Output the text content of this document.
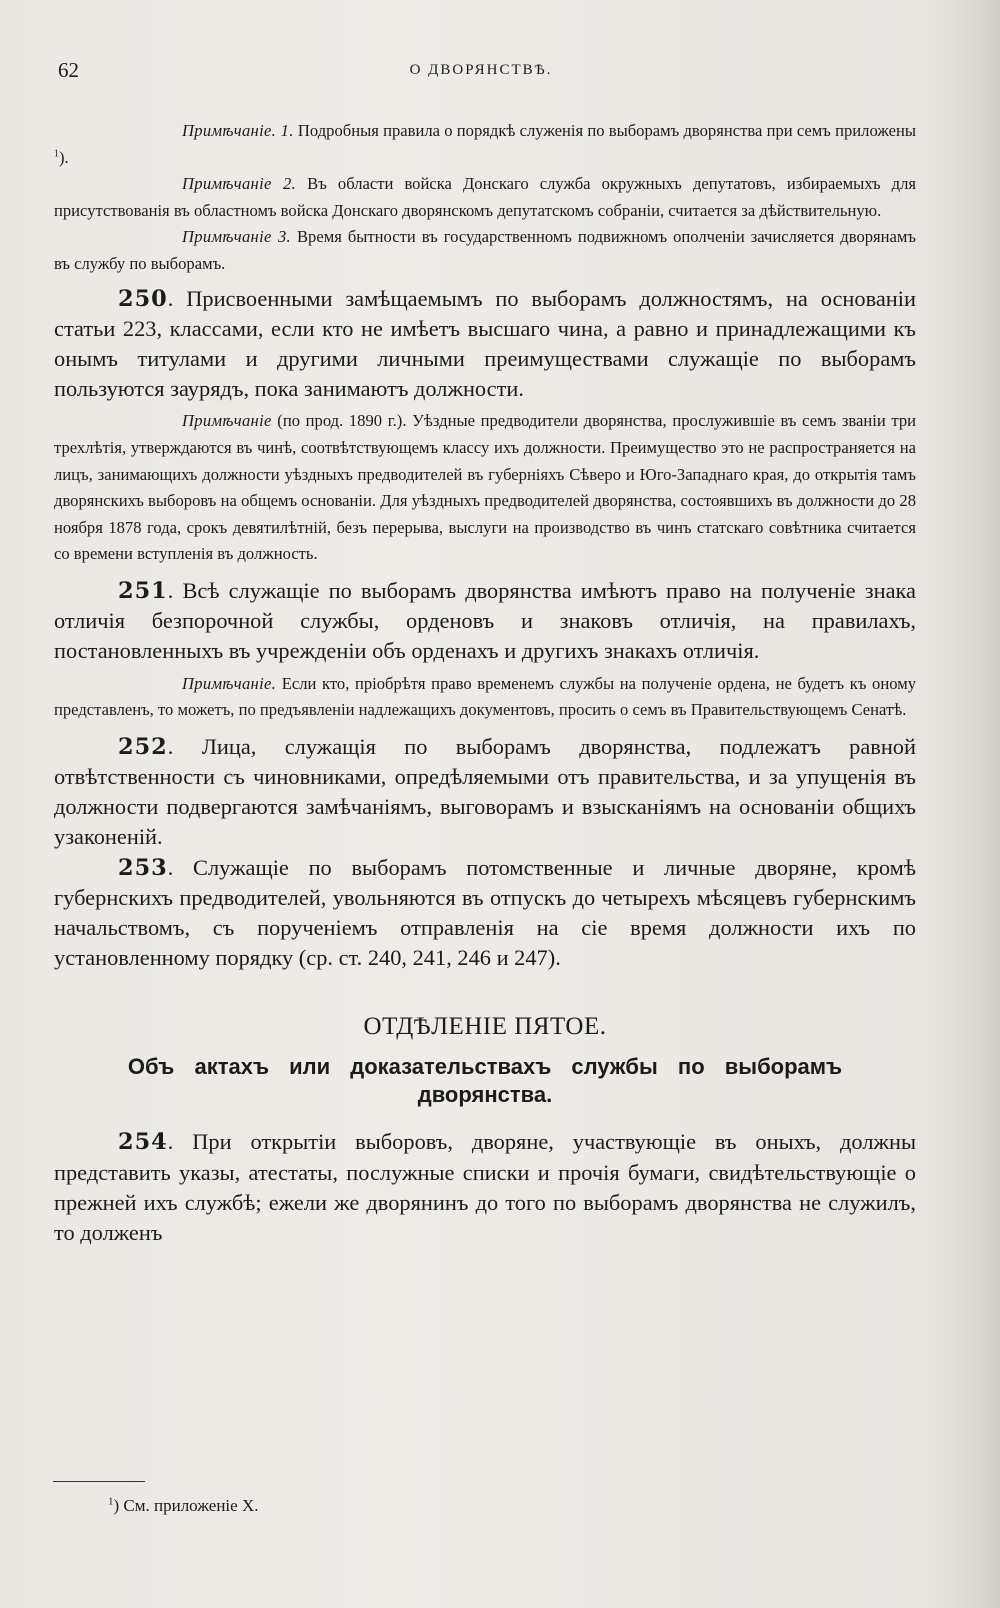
62	О ДВОРЯНСТВѢ.

Примѣчаніе. 1. Подробныя правила о порядкѣ служенія по выборамъ дворянства при семъ приложены $^1$).

Примѣчаніе 2. Въ области войска Донскаго служба окружныхъ депутатовъ, избираемыхъ для присутствованія въ областномъ войска Донскаго дворянскомъ депутатскомъ собраніи, считается за дѣйствительную.

Примѣчаніе 3. Время бытности въ государственномъ подвижномъ ополченіи зачисляется дворянамъ въ службу по выборамъ.

250. Присвоенными замѣщаемымъ по выборамъ должностямъ, на основаніи статьи 223, классами, если кто не имѣетъ высшаго чина, а равно и принадлежащими къ онымъ титулами и другими личными преимуществами служащіе по выборамъ пользуются заурядъ, пока занимаютъ должности.

Примѣчаніе (по прод. 1890 г.). Уѣздные предводители дворянства, прослужившіе въ семъ званіи три трехлѣтія, утверждаются въ чинѣ, соотвѣтствующемъ классу ихъ должности. Преимущество это не распространяется на лицъ, занимающихъ должности уѣздныхъ предводителей въ губерніяхъ Сѣверо и Юго-Западнаго края, до открытія тамъ дворянскихъ выборовъ на общемъ основаніи. Для уѣздныхъ предводителей дворянства, состоявшихъ въ должности до 28 ноября 1878 года, срокъ девятилѣтній, безъ перерыва, выслуги на производство въ чинъ статскаго совѣтника считается со времени вступленія въ должность.

251. Всѣ служащіе по выборамъ дворянства имѣютъ право на полученіе знака отличія безпорочной службы, орденовъ и знаковъ отличія, на правилахъ, постановленныхъ въ учрежденіи объ орденахъ и другихъ знакахъ отличія.

Примѣчаніе. Если кто, пріобрѣтя право временемъ службы на полученіе ордена, не будетъ къ оному представленъ, то можетъ, по предъявленіи надлежащихъ документовъ, просить о семъ въ Правительствующемъ Сенатѣ.

252. Лица, служащія по выборамъ дворянства, подлежатъ равной отвѣтственности съ чиновниками, опредѣляемыми отъ правительства, и за упущенія въ должности подвергаются замѣчаніямъ, выговорамъ и взысканіямъ на основаніи общихъ узаконеній.

253. Служащіе по выборамъ потомственные и личные дворяне, кромѣ губернскихъ предводителей, увольняются въ отпускъ до четырехъ мѣсяцевъ губернскимъ начальствомъ, съ порученіемъ отправленія на сіе время должности ихъ по установленному порядку (ср. ст. 240, 241, 246 и 247).

ОТДѢЛЕНІЕ ПЯТОЕ.
Объ актахъ или доказательствахъ службы по выборамъ дворянства.

254. При открытіи выборовъ, дворяне, участвующіе въ оныхъ, должны представить указы, атестаты, послужные списки и прочія бумаги, свидѣтельствующіе о прежней ихъ службѣ; ежели же дворянинъ до того по выборамъ дворянства не служилъ, то долженъ

$^1$) См. приложеніе X.
